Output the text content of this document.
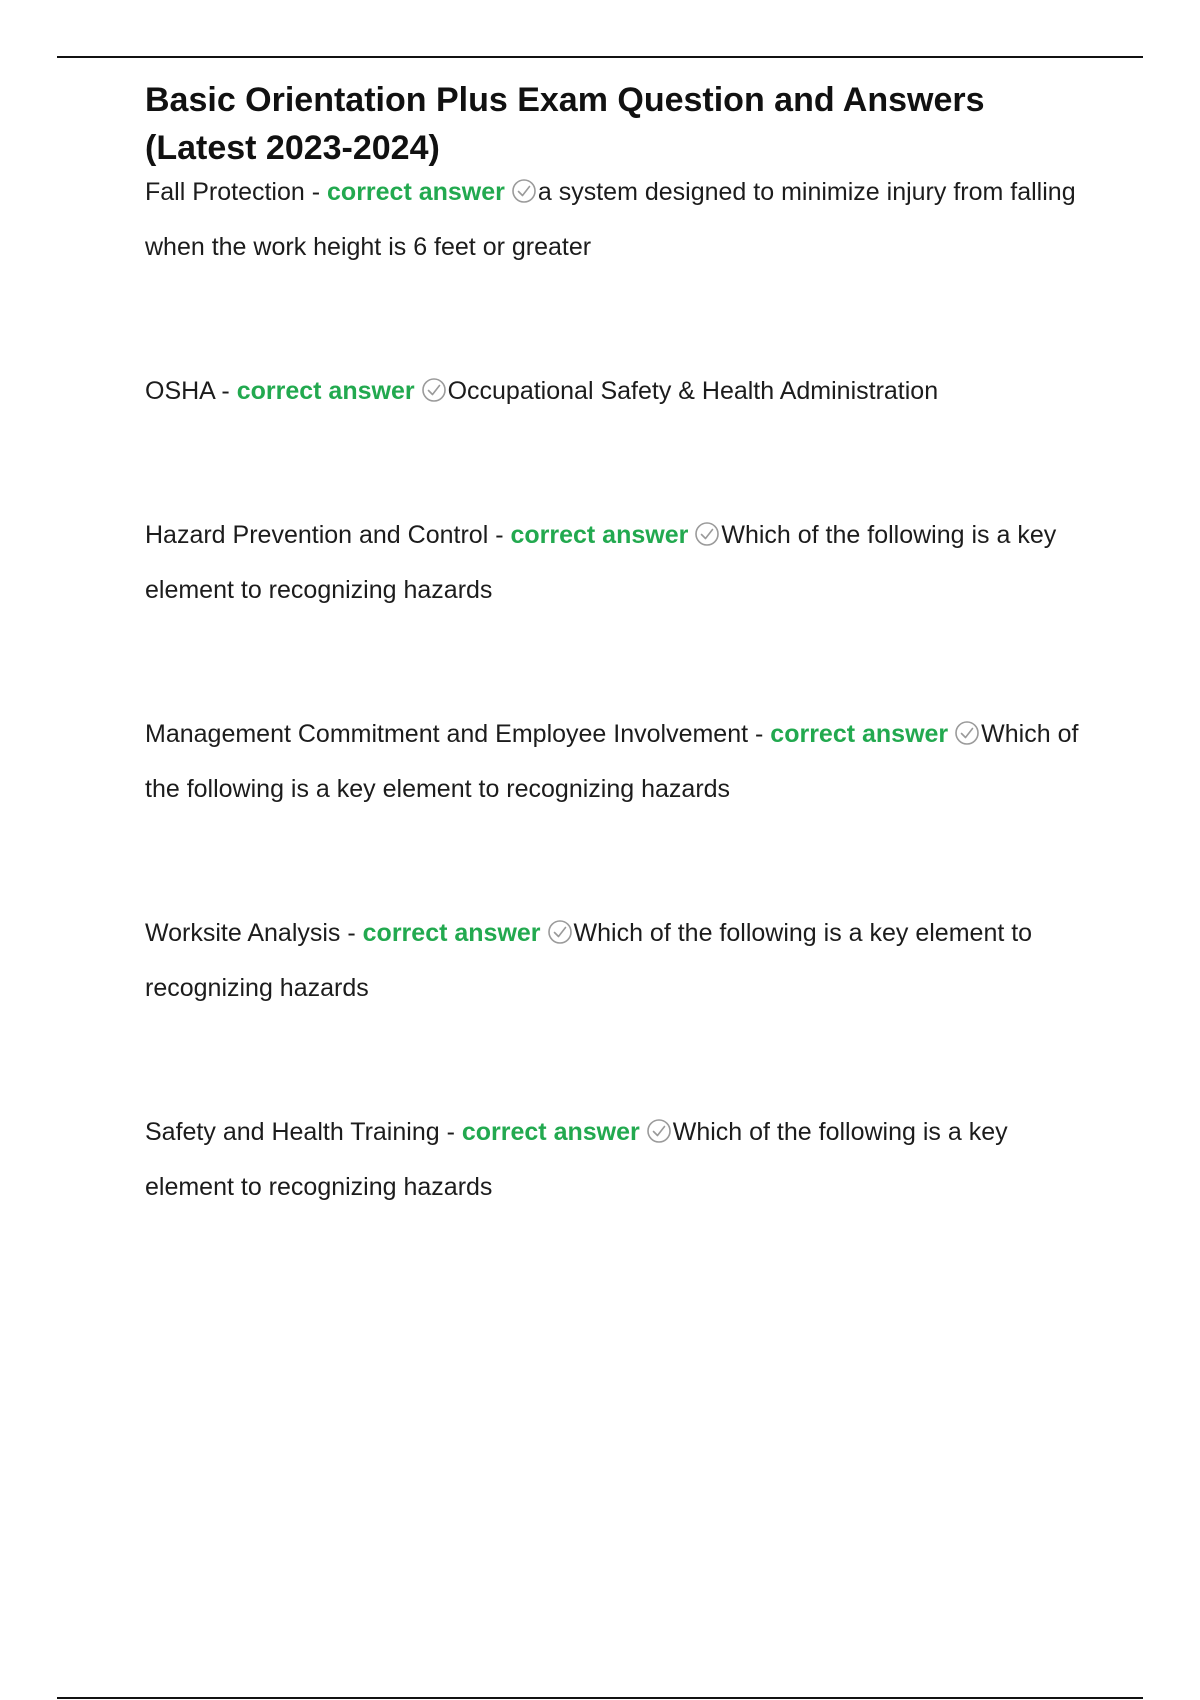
Basic Orientation Plus Exam Question and Answers (Latest 2023-2024)

Fall Protection - correct answer a system designed to minimize injury from falling when the work height is 6 feet or greater

OSHA - correct answer Occupational Safety & Health Administration

Hazard Prevention and Control - correct answer Which of the following is a key element to recognizing hazards

Management Commitment and Employee Involvement - correct answer Which of the following is a key element to recognizing hazards

Worksite Analysis - correct answer Which of the following is a key element to recognizing hazards

Safety and Health Training - correct answer Which of the following is a key element to recognizing hazards
